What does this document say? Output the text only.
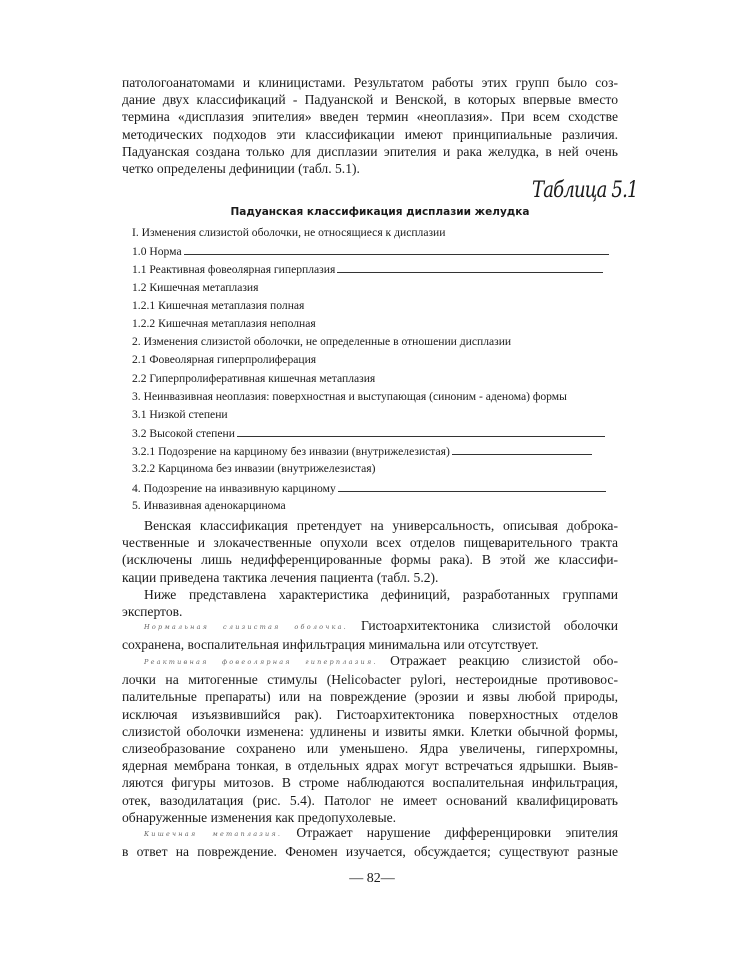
патологоанатомами и клиницистами. Результатом работы этих групп было соз-
дание двух классификаций - Падуанской и Венской, в которых впервые вместо
термина «дисплазия эпителия» введен термин «неоплазия». При всем сходстве
методических подходов эти классификации имеют принципиальные различия.
Падуанская создана только для дисплазии эпителия и рака желудка, в ней очень
четко определены дефиниции (табл. 5.1).
Таблица 5.1
Падуанская классификация дисплазии желудка
I. Изменения слизистой оболочки, не относящиеся к дисплазии
1.0 Норма
1.1 Реактивная фовеолярная гиперплазия
1.2 Кишечная метаплазия
1.2.1 Кишечная метаплазия полная
1.2.2 Кишечная метаплазия неполная
2. Изменения слизистой оболочки, не определенные в отношении дисплазии
2.1 Фовеолярная гиперпролиферация
2.2 Гиперпролиферативная кишечная метаплазия
3. Неинвазивная неоплазия: поверхностная и выступающая (синоним - аденома) формы
3.1 Низкой степени
3.2 Высокой степени
3.2.1 Подозрение на карциному без инвазии (внутрижелезистая)
3.2.2 Карцинома без инвазии (внутрижелезистая)
4. Подозрение на инвазивную карциному
5. Инвазивная аденокарцинома
Венская классификация претендует на универсальность, описывая доброка-
чественные и злокачественные опухоли всех отделов пищеварительного тракта
(исключены лишь недифференцированные формы рака). В этой же классифи-
кации приведена тактика лечения пациента (табл. 5.2).
Ниже представлена характеристика дефиниций, разработанных группами
экспертов.
Нормальная слизистая оболочка. Гистоархитектоника слизистой оболочки
сохранена, воспалительная инфильтрация минимальна или отсутствует.
Реактивная фовеолярная гиперплазия. Отражает реакцию слизистой обо-
лочки на митогенные стимулы (Helicobacter pylori, нестероидные противовос-
палительные препараты) или на повреждение (эрозии и язвы любой природы,
исключая изъязвившийся рак). Гистоархитектоника поверхностных отделов
слизистой оболочки изменена: удлинены и извиты ямки. Клетки обычной формы,
слизеобразование сохранено или уменьшено. Ядра увеличены, гиперхромны,
ядерная мембрана тонкая, в отдельных ядрах могут встречаться ядрышки. Выяв-
ляются фигуры митозов. В строме наблюдаются воспалительная инфильтрация,
отек, вазодилатация (рис. 5.4). Патолог не имеет оснований квалифицировать
обнаруженные изменения как предопухолевые.
Кишечная метаплазия. Отражает нарушение дифференцировки эпителия
в ответ на повреждение. Феномен изучается, обсуждается; существуют разные
— 82—
